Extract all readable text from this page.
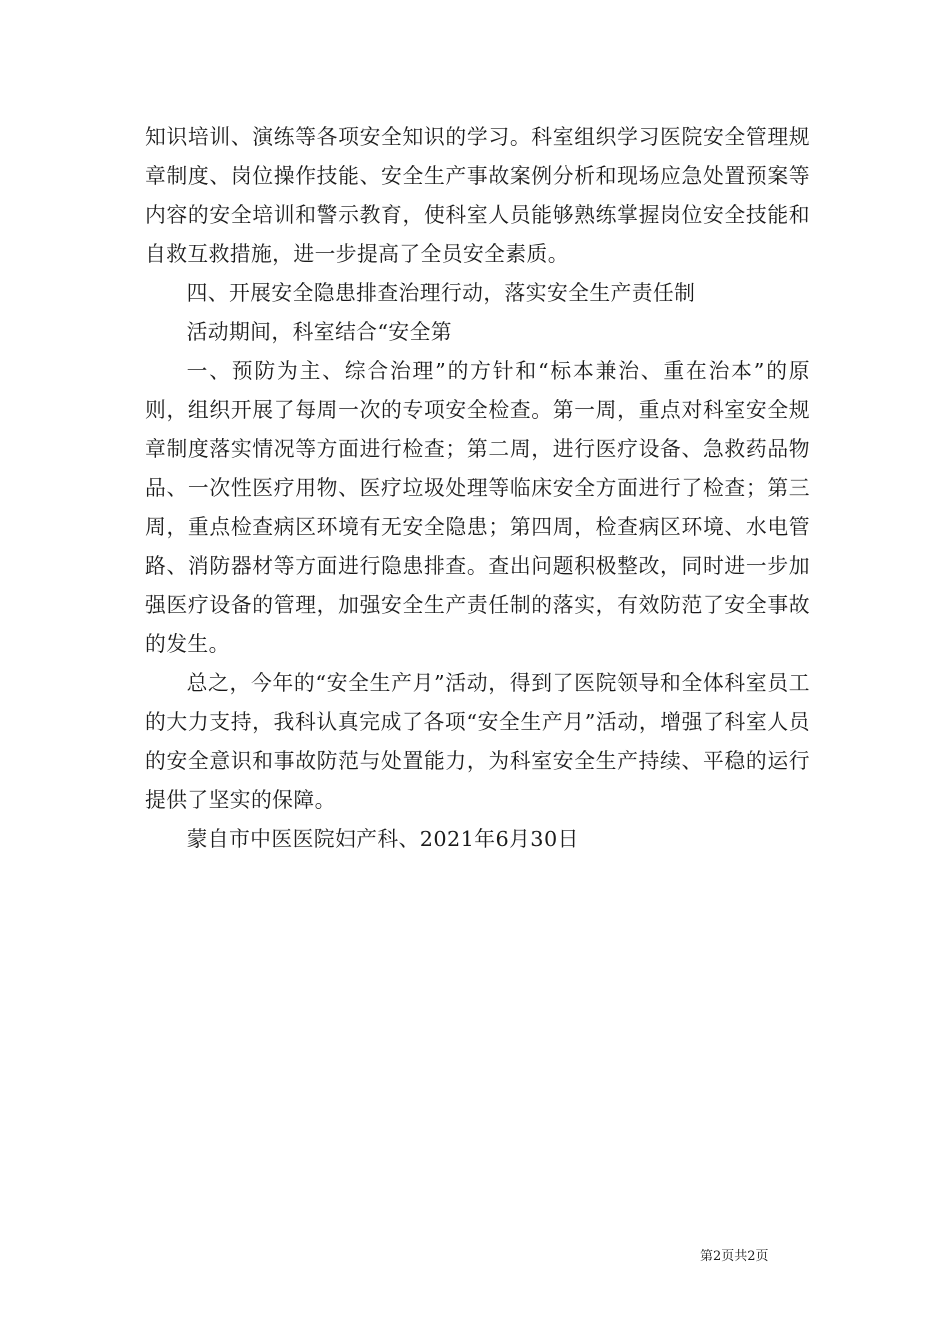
知识培训、演练等各项安全知识的学习。科室组织学习医院安全管理规章制度、岗位操作技能、安全生产事故案例分析和现场应急处置预案等内容的安全培训和警示教育，使科室人员能够熟练掌握岗位安全技能和自救互救措施，进一步提高了全员安全素质。

四、开展安全隐患排查治理行动，落实安全生产责任制

活动期间，科室结合“安全第

一、预防为主、综合治理”的方针和“标本兼治、重在治本”的原则，组织开展了每周一次的专项安全检查。第一周，重点对科室安全规章制度落实情况等方面进行检查；第二周，进行医疗设备、急救药品物品、一次性医疗用物、医疗垃圾处理等临床安全方面进行了检查；第三周，重点检查病区环境有无安全隐患；第四周，检查病区环境、水电管路、消防器材等方面进行隐患排查。查出问题积极整改，同时进一步加强医疗设备的管理，加强安全生产责任制的落实，有效防范了安全事故的发生。

总之，今年的“安全生产月”活动，得到了医院领导和全体科室员工的大力支持，我科认真完成了各项“安全生产月”活动，增强了科室人员的安全意识和事故防范与处置能力，为科室安全生产持续、平稳的运行提供了坚实的保障。

蒙自市中医医院妇产科、2021年6月30日

第2页共2页
